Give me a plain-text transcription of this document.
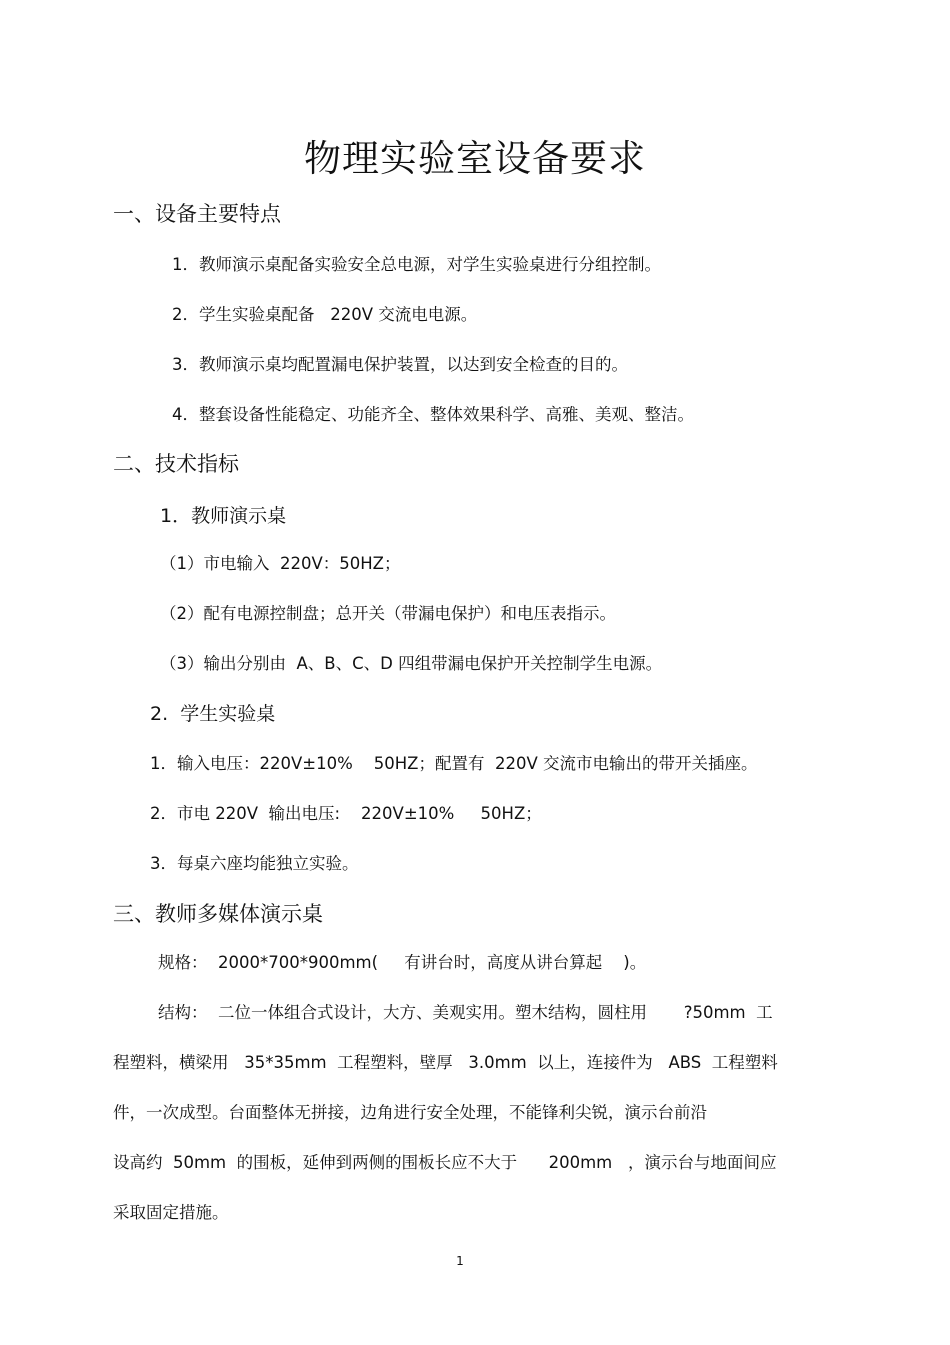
物理实验室设备要求
一、设备主要特点
1．教师演示桌配备实验安全总电源，对学生实验桌进行分组控制。
2．学生实验桌配备   220V 交流电电源。
3．教师演示桌均配置漏电保护装置，以达到安全检查的目的。
4．整套设备性能稳定、功能齐全、整体效果科学、高雅、美观、整洁。
二、技术指标
1．教师演示桌
（1）市电输入  220V：50HZ；
（2）配有电源控制盘；总开关（带漏电保护）和电压表指示。
（3）输出分别由  A、B、C、D 四组带漏电保护开关控制学生电源。
2.  学生实验桌
1．输入电压：220V±10%    50HZ；配置有  220V 交流市电输出的带开关插座。
2．市电 220V  输出电压:    220V±10%     50HZ；
3．每桌六座均能独立实验。
三、教师多媒体演示桌
规格：  2000*700*900mm(     有讲台时，高度从讲台算起    )。
结构：  二位一体组合式设计，大方、美观实用。塑木结构，圆柱用       ?50mm  工
程塑料，横梁用   35*35mm  工程塑料，壁厚   3.0mm  以上，连接件为   ABS  工程塑料
件，一次成型。台面整体无拼接，边角进行安全处理，不能锋利尖锐，演示台前沿
设高约  50mm  的围板，延伸到两侧的围板长应不大于      200mm   ，演示台与地面间应
采取固定措施。
1
